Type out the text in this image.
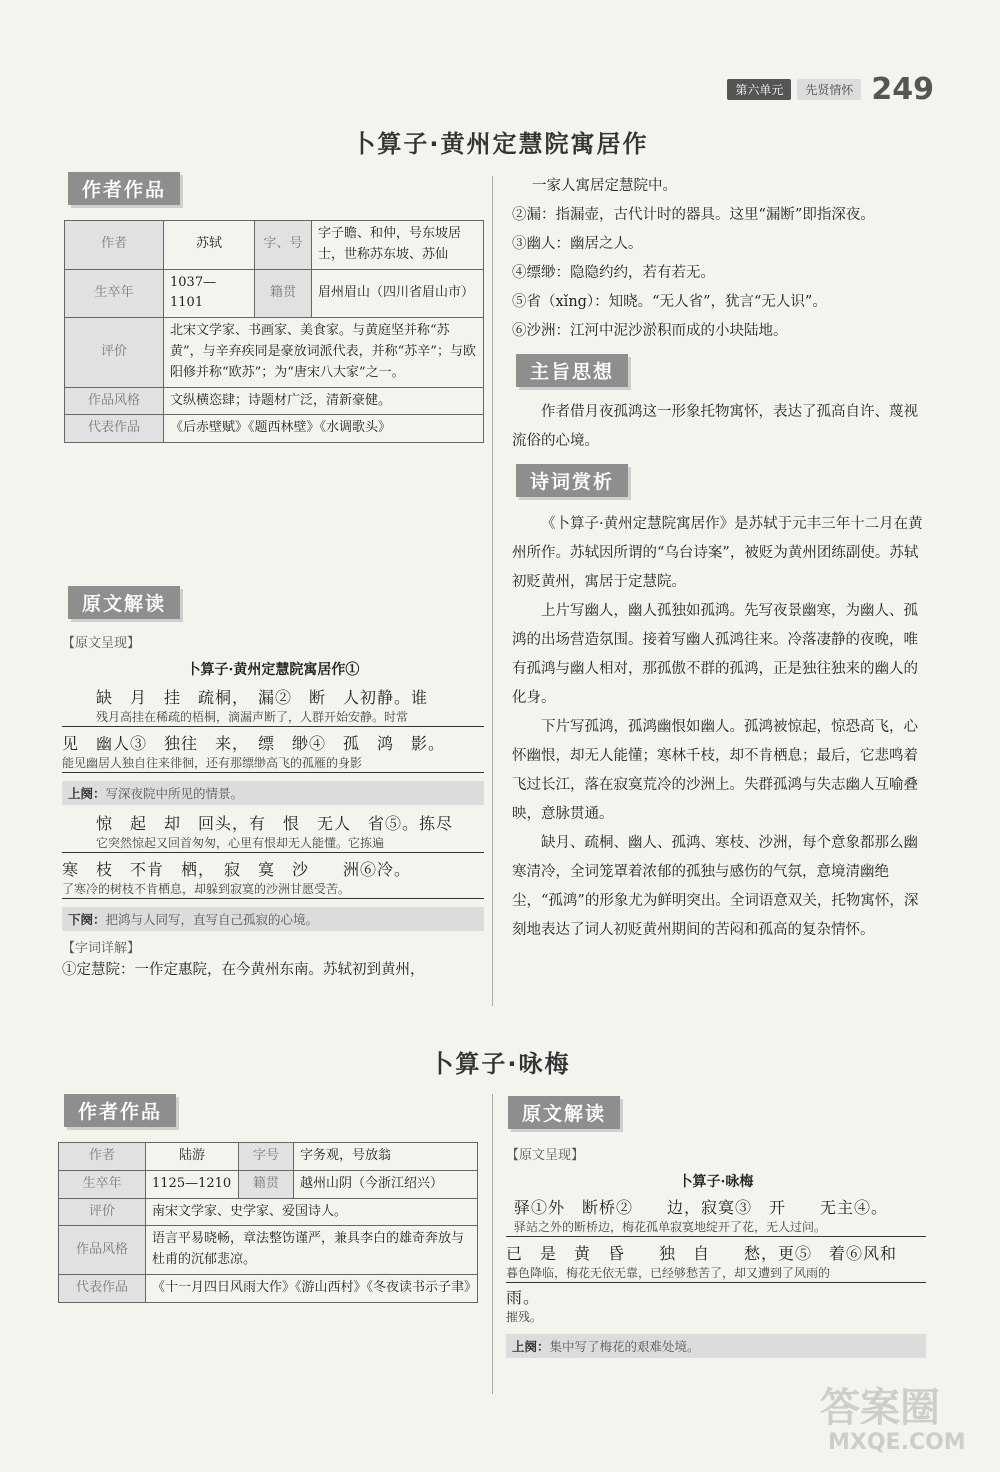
第六单元	先贤情怀 249
卜算子·黄州定慧院寓居作
作者作品
作者	苏轼	字、号	字子瞻、和仲，号东坡居士，世称苏东坡、苏仙
生卒年	1037—1101	籍贯	眉州眉山（四川省眉山市）
评价	北宋文学家、书画家、美食家。与黄庭坚并称“苏黄”，与辛弃疾同是豪放词派代表，并称“苏辛”；与欧阳修并称“欧苏”；为“唐宋八大家”之一。		
作品风格	文纵横恣肆；诗题材广泛，清新豪健。		
代表作品	《后赤壁赋》《题西林壁》《水调歌头》		
原文解读
【原文呈现】
卜算子·黄州定慧院寓居作①
缺　月　挂　疏桐，　漏②　断　人初静。谁
残月高挂在稀疏的梧桐，滴漏声断了，人群开始安静。时常
见　幽人③　独往　来，　缥　缈④　孤　鸿　影。
能见幽居人独自往来徘徊，还有那缥缈高飞的孤雁的身影
上阕：写深夜院中所见的情景。
惊　起　却　回头，有　恨　无人　省⑤。拣尽
它突然惊起又回首匆匆，心里有恨却无人能懂。它拣遍
寒　枝　不肯　栖，　寂　寞　沙　　洲⑥冷。
了寒冷的树枝不肯栖息，却躲到寂寞的沙洲甘愿受苦。
下阕：把鸿与人同写，直写自己孤寂的心境。
【字词详解】
①定慧院：一作定惠院，在今黄州东南。苏轼初到黄州，
一家人寓居定慧院中。
②漏：指漏壶，古代计时的器具。这里“漏断”即指深夜。
③幽人：幽居之人。
④缥缈：隐隐约约，若有若无。
⑤省（xǐng）：知晓。“无人省”，犹言“无人识”。
⑥沙洲：江河中泥沙淤积而成的小块陆地。
主旨思想
作者借月夜孤鸿这一形象托物寓怀，表达了孤高自许、蔑视流俗的心境。
诗词赏析
《卜算子·黄州定慧院寓居作》是苏轼于元丰三年十二月在黄州所作。苏轼因所谓的“乌台诗案”，被贬为黄州团练副使。苏轼初贬黄州，寓居于定慧院。
上片写幽人，幽人孤独如孤鸿。先写夜景幽寒，为幽人、孤鸿的出场营造氛围。接着写幽人孤鸿往来。冷落凄静的夜晚，唯有孤鸿与幽人相对，那孤傲不群的孤鸿，正是独往独来的幽人的化身。
下片写孤鸿，孤鸿幽恨如幽人。孤鸿被惊起，惊恐高飞，心怀幽恨，却无人能懂；寒林千枝，却不肯栖息；最后，它悲鸣着飞过长江，落在寂寞荒冷的沙洲上。失群孤鸿与失志幽人互喻叠映，意脉贯通。
缺月、疏桐、幽人、孤鸿、寒枝、沙洲，每个意象都那么幽寒清冷，全词笼罩着浓郁的孤独与感伤的气氛，意境清幽绝尘，“孤鸿”的形象尤为鲜明突出。全词语意双关，托物寓怀，深刻地表达了词人初贬黄州期间的苦闷和孤高的复杂情怀。
卜算子·咏梅
作者作品
作者	陆游	字号	字务观，号放翁
生卒年	1125—1210	籍贯	越州山阴（今浙江绍兴）
评价	南宋文学家、史学家、爱国诗人。		
作品风格	语言平易晓畅，章法整饬谨严，兼具李白的雄奇奔放与杜甫的沉郁悲凉。		
代表作品	《十一月四日风雨大作》《游山西村》《冬夜读书示子聿》		
原文解读
【原文呈现】
卜算子·咏梅
驿①外　断桥②　　边，寂寞③　开　　无主④。
驿站之外的断桥边，梅花孤单寂寞地绽开了花，无人过问。
已　是　黄　昏　　独　自　　愁，更⑤　着⑥风和
暮色降临，梅花无依无靠，已经够愁苦了，却又遭到了风雨的
雨。
摧残。
上阕：集中写了梅花的艰难处境。
答案圈
MXQE.COM
